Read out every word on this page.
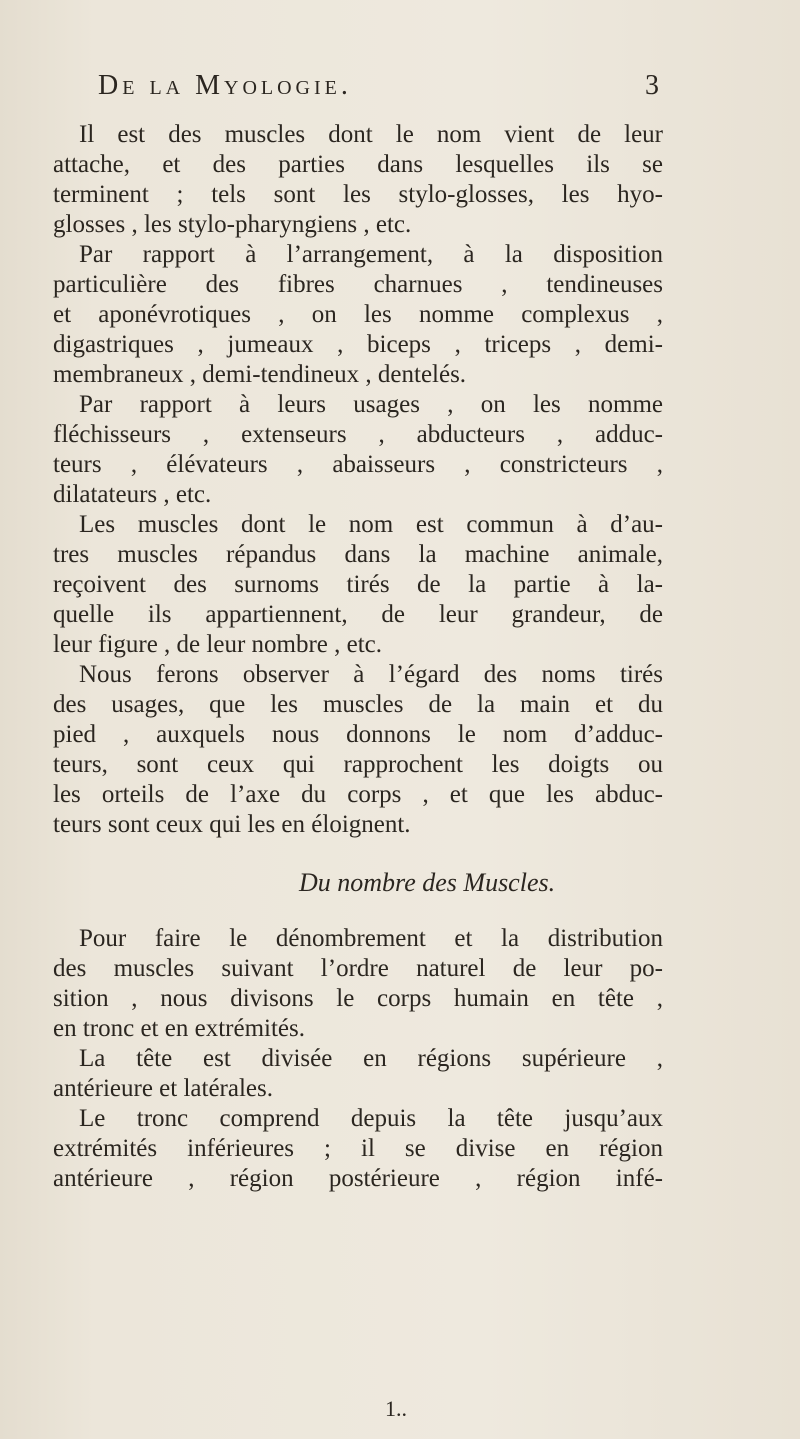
De la Myologie.	3
Il est des muscles dont le nom vient de leur
attache, et des parties dans lesquelles ils se
terminent ; tels sont les stylo-glosses, les hyo-
glosses , les stylo-pharyngiens , etc.
Par rapport à l’arrangement, à la disposition
particulière des fibres charnues , tendineuses
et aponévrotiques , on les nomme complexus ,
digastriques , jumeaux , biceps , triceps , demi-
membraneux , demi-tendineux , dentelés.
Par rapport à leurs usages , on les nomme
fléchisseurs , extenseurs , abducteurs , adduc-
teurs , élévateurs , abaisseurs , constricteurs ,
dilatateurs , etc.
Les muscles dont le nom est commun à d’au-
tres muscles répandus dans la machine animale,
reçoivent des surnoms tirés de la partie à la-
quelle ils appartiennent, de leur grandeur, de
leur figure , de leur nombre , etc.
Nous ferons observer à l’égard des noms tirés
des usages, que les muscles de la main et du
pied , auxquels nous donnons le nom d’adduc-
teurs, sont ceux qui rapprochent les doigts ou
les orteils de l’axe du corps , et que les abduc-
teurs sont ceux qui les en éloignent.
Du nombre des Muscles.
Pour faire le dénombrement et la distribution
des muscles suivant l’ordre naturel de leur po-
sition , nous divisons le corps humain en tête ,
en tronc et en extrémités.
La tête est divisée en régions supérieure ,
antérieure et latérales.
Le tronc comprend depuis la tête jusqu’aux
extrémités inférieures ; il se divise en région
antérieure , région postérieure , région infé-
1..
